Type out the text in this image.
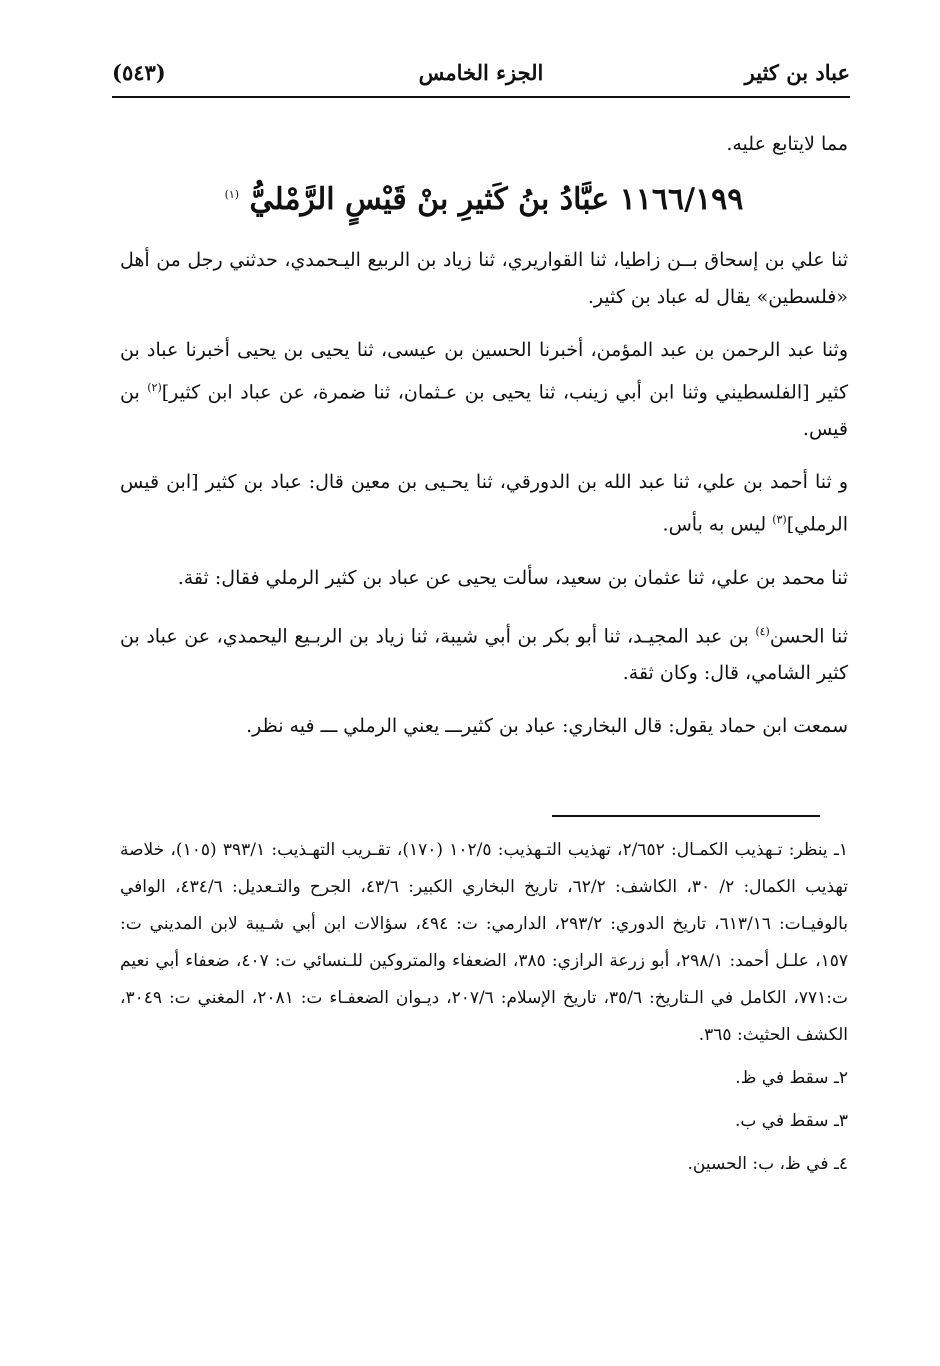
عباد بن كثير
الجزء الخامس
(٥٤٣)

مما لايتابع عليه.

١١٦٦/١٩٩ عبَّادُ بنُ كَثيرِ بنْ قَيْسٍ الرَّمْليُّ $^{(١)}$

ثنا علي بن إسحاق بــن زاطيا، ثنا القواريري، ثنا زياد بن الربيع اليـحمدي، حدثني رجل من أهل «فلسطين» يقال له عباد بن كثير.

وثنا عبد الرحمن بن عبد المؤمن، أخبرنا الحسين بن عيسى، ثنا يحيى بن يحيى أخبرنا عباد بن كثير [الفلسطيني وثنا ابن أبي زينب، ثنا يحيى بن عـثمان، ثنا ضمرة، عن عباد ابن كثير]$^{(٢)}$ بن قيس.

و ثنا أحمد بن علي، ثنا عبد الله بن الدورقي، ثنا يحـيى بن معين قال: عباد بن كثير [ابن قيس الرملي]$^{(٣)}$ ليس به بأس.

ثنا محمد بن علي، ثنا عثمان بن سعيد، سألت يحيى عن عباد بن كثير الرملي فقال: ثقة.

ثنا الحسن$^{(٤)}$ بن عبد المجيـد، ثنا أبو بكر بن أبي شيبة، ثنا زياد بن الربـيع اليحمدي، عن عباد بن كثير الشامي، قال: وكان ثقة.

سمعت ابن حماد يقول: قال البخاري: عباد بن كثيرـــ يعني الرملي ـــ فيه نظر.

١ـ ينظر: تـهذيب الكمـال: ٢/٦٥٢، تهذيب التـهذيب: ١٠٢/٥ (١٧٠)، تقـريب التهـذيب: ٣٩٣/١ (١٠٥)، خلاصة تهذيب الكمال: ٢/ ٣٠، الكاشف: ٦٢/٢، تاريخ البخاري الكبير: ٤٣/٦، الجرح والتـعديل: ٤٣٤/٦، الوافي بالوفيـات: ٦١٣/١٦، تاريخ الدوري: ٢٩٣/٢، الدارمي: ت: ٤٩٤، سؤالات ابن أبي شـيبة لابن المديني ت: ١٥٧، علـل أحمد: ٢٩٨/١، أبو زرعة الرازي: ٣٨٥، الضعفاء والمتروكين للـنسائي ت: ٤٠٧، ضعفاء أبي نعيم ت:٧٧١، الكامل في الـتاريخ: ٣٥/٦، تاريخ الإسلام: ٢٠٧/٦، ديـوان الضعفـاء ت: ٢٠٨١، المغني ت: ٣٠٤٩، الكشف الحثيث: ٣٦٥.

٢ـ سقط في ظ.

٣ـ سقط في ب.

٤ـ في ظ، ب: الحسين.
